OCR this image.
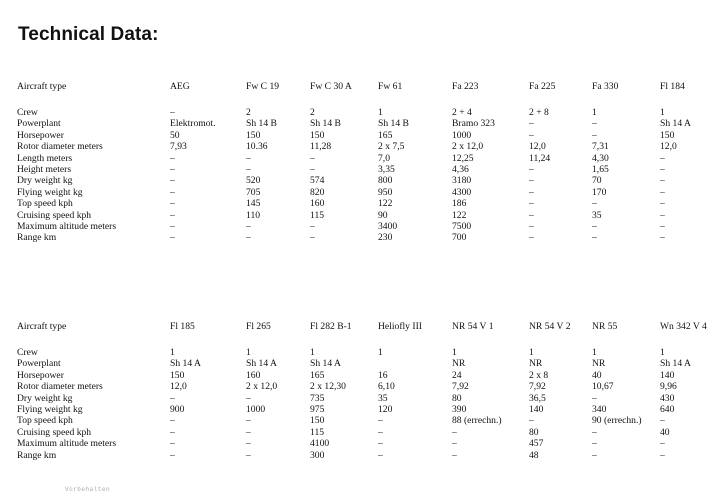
Technical Data:
Aircraft type	AEG	Fw C 19	Fw C 30 A	Fw 61	Fa 223	Fa 225	Fa 330	Fl 184

Crew	–	2	2	1	2 + 4	2 + 8	1	1
Powerplant	Elektromot.	Sh 14 B	Sh 14 B	Sh 14 B	Bramo 323	–	–	Sh 14 A
Horsepower	50	150	150	165	1000	–	–	150
Rotor diameter meters	7,93	10.36	11,28	2 x 7,5	2 x 12,0	12,0	7,31	12,0
Length meters	–	–	–	7,0	12,25	11,24	4,30	–
Height meters	–	–	–	3,35	4,36	–	1,65	–
Dry weight kg	–	520	574	800	3180	–	70	–
Flying weight kg	–	705	820	950	4300	–	170	–
Top speed kph	–	145	160	122	186	–	–	–
Cruising speed kph	–	110	115	90	122	–	35	–
Maximum altitude meters	–	–	–	3400	7500	–	–	–
Range km	–	–	–	230	700	–	–	–
Aircraft type	Fl 185	Fl 265	Fl 282 B-1	Heliofly III	NR 54 V 1	NR 54 V 2	NR 55	Wn 342 V 4

Crew	1	1	1	1	1	1	1	1
Powerplant	Sh 14 A	Sh 14 A	Sh 14 A		NR	NR	NR	Sh 14 A
Horsepower	150	160	165	16	24	2 x 8	40	140
Rotor diameter meters	12,0	2 x 12,0	2 x 12,30	6,10	7,92	7,92	10,67	9,96
Dry weight kg	–	–	735	35	80	36,5	–	430
Flying weight kg	900	1000	975	120	390	140	340	640
Top speed kph	–	–	150	–	88 (errechn.)	–	90 (errechn.)	–
Cruising speed kph	–	–	115	–	–	80	–	40
Maximum altitude meters	–	–	4100	–	–	457	–	–
Range km	–	–	300	–	–	48	–	–
Vorbehalten
